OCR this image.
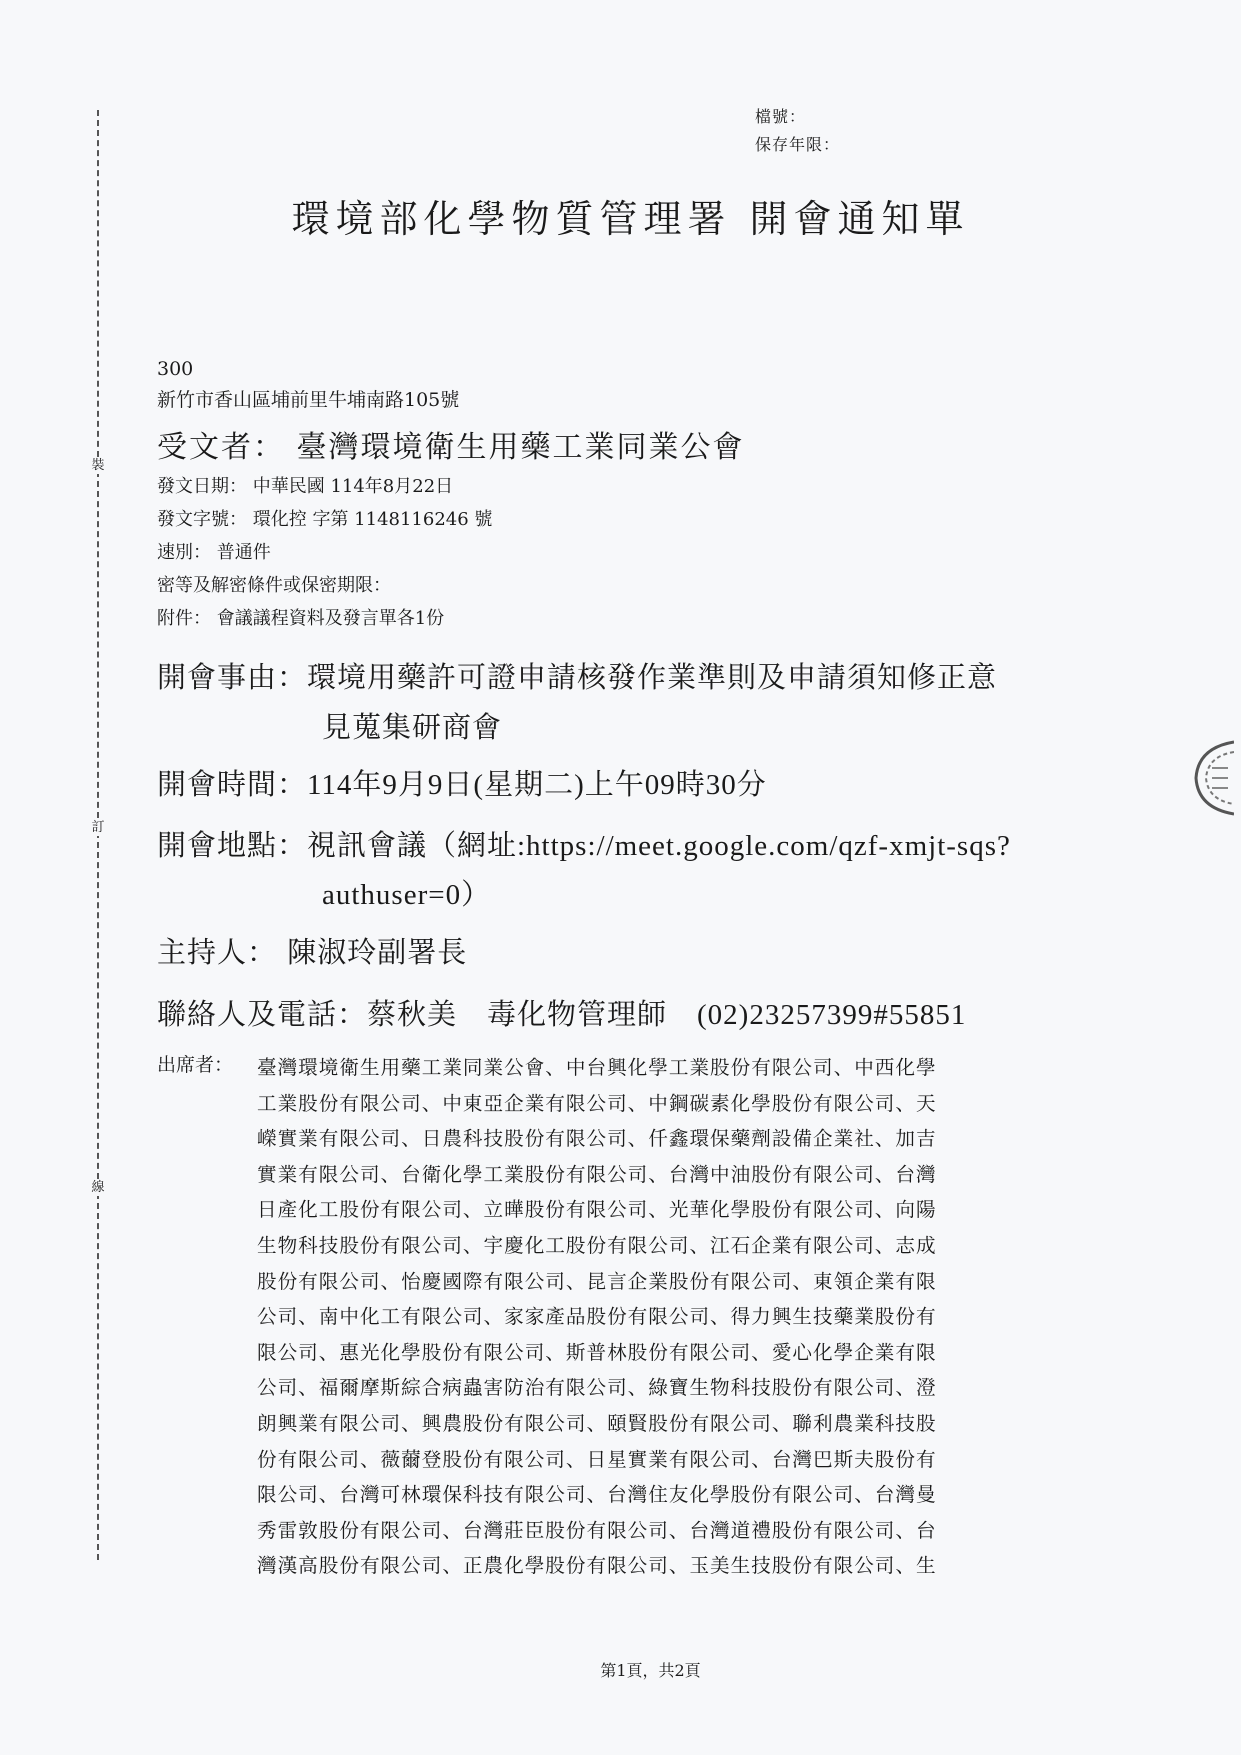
裝
訂
線
檔號：
保存年限：
環境部化學物質管理署 開會通知單
300
新竹市香山區埔前里牛埔南路105號
受文者： 臺灣環境衛生用藥工業同業公會
發文日期： 中華民國 114年8月22日
發文字號： 環化控 字第 1148116246 號
速別： 普通件
密等及解密條件或保密期限：
附件： 會議議程資料及發言單各1份
開會事由：環境用藥許可證申請核發作業準則及申請須知修正意
見蒐集研商會
開會時間：114年9月9日(星期二)上午09時30分
開會地點：視訊會議（網址:https://meet.google.com/qzf-xmjt-sqs?
authuser=0）
主持人： 陳淑玲副署長
聯絡人及電話：蔡秋美　毒化物管理師　(02)23257399#55851
出席者： 臺灣環境衛生用藥工業同業公會、中台興化學工業股份有限公司、中西化學
工業股份有限公司、中東亞企業有限公司、中鋼碳素化學股份有限公司、天
嶸實業有限公司、日農科技股份有限公司、仟鑫環保藥劑設備企業社、加吉
實業有限公司、台衛化學工業股份有限公司、台灣中油股份有限公司、台灣
日產化工股份有限公司、立曄股份有限公司、光華化學股份有限公司、向陽
生物科技股份有限公司、宇慶化工股份有限公司、江石企業有限公司、志成
股份有限公司、怡慶國際有限公司、昆言企業股份有限公司、東領企業有限
公司、南中化工有限公司、家家產品股份有限公司、得力興生技藥業股份有
限公司、惠光化學股份有限公司、斯普林股份有限公司、愛心化學企業有限
公司、福爾摩斯綜合病蟲害防治有限公司、綠寶生物科技股份有限公司、澄
朗興業有限公司、興農股份有限公司、頤賢股份有限公司、聯利農業科技股
份有限公司、薇薾登股份有限公司、日星實業有限公司、台灣巴斯夫股份有
限公司、台灣可林環保科技有限公司、台灣住友化學股份有限公司、台灣曼
秀雷敦股份有限公司、台灣莊臣股份有限公司、台灣道禮股份有限公司、台
灣漢高股份有限公司、正農化學股份有限公司、玉美生技股份有限公司、生
第1頁，共2頁
